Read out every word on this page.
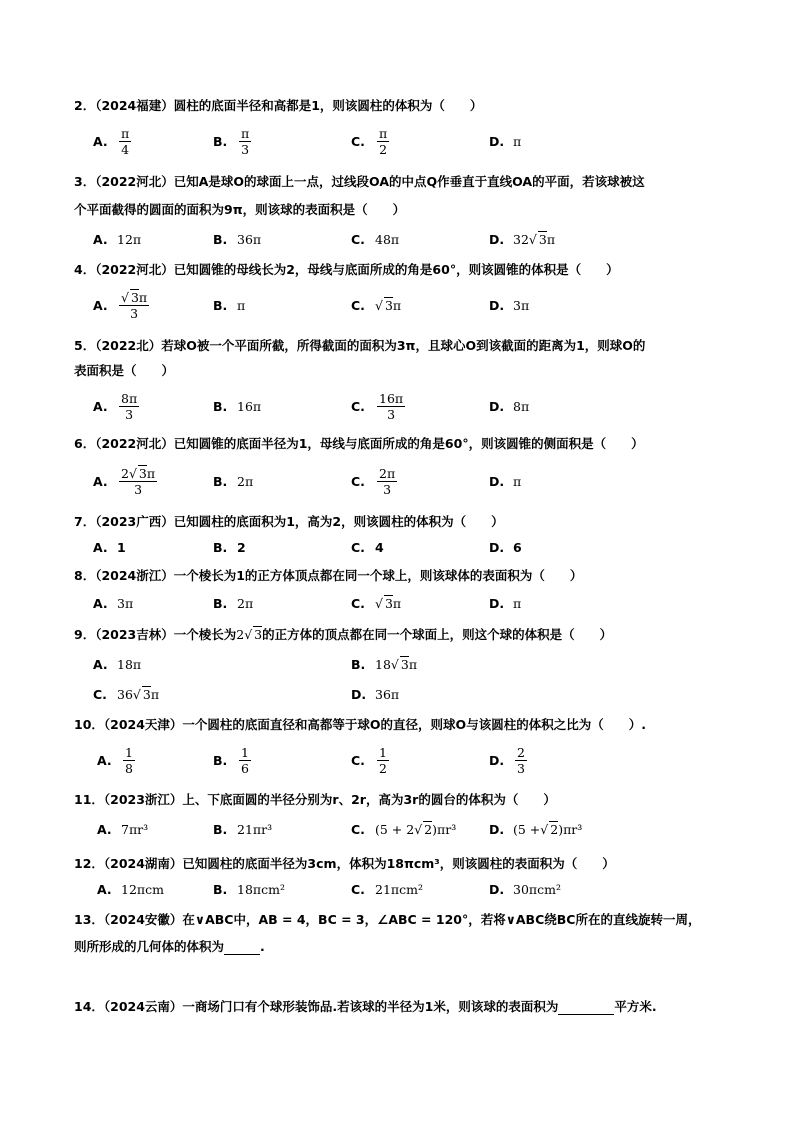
2．（2024福建）圆柱的底面半径和高都是1，则该圆柱的体积为（　　）
A. $\frac{\pi}{4}$	B. $\frac{\pi}{3}$	C. $\frac{\pi}{2}$	D. π
3．（2022河北）已知A是球O的球面上一点，过线段OA的中点Q作垂直于直线OA的平面，若该球被这
个平面截得的圆面的面积为9π，则该球的表面积是（　　）
A. 12π	B. 36π	C. 48π	D. 32 √ 3 π
4．（2022河北）已知圆锥的母线长为2，母线与底面所成的角是60°，则该圆锥的体积是（　　）
A. $\frac{√ 3\pi}{3}$	B. π	C. √ 3 π	D. 3π
5．（2022北）若球O被一个平面所截，所得截面的面积为3π，且球心O到该截面的距离为1，则球O的
表面积是（　　）
A. $\frac{8\pi}{3}$	B. 16π	C. $\frac{16\pi}{3}$	D. 8π
6．（2022河北）已知圆锥的底面半径为1，母线与底面所成的角是60°，则该圆锥的侧面积是（　　）
A. $\frac{2√ 3\pi}{3}$	B. 2π	C. $\frac{2\pi}{3}$	D. π
7．（2023广西）已知圆柱的底面积为1，高为2，则该圆柱的体积为（　　）
A. 1	B. 2	C. 4	D. 6
8．（2024浙江）一个棱长为1的正方体顶点都在同一个球上，则该球体的表面积为（　　）
A. 3π	B. 2π	C. √ 3 π	D. π
9．（2023吉林）一个棱长为2√ 3的正方体的顶点都在同一个球面上，则这个球的体积是（　　）
A. 18π	B. 18 √ 3 π
C. 36 √ 3 π	D. 36π
10．（2024天津）一个圆柱的底面直径和高都等于球O的直径，则球O与该圆柱的体积之比为（　　）.
A. $\frac{1}{8}$	B. $\frac{1}{6}$	C. $\frac{1}{2}$	D. $\frac{2}{3}$
11．（2023浙江）上、下底面圆的半径分别为r、2r，高为3r的圆台的体积为（　　）
A. 7πr³	B. 21πr³	C. (5 + 2 √ 2 )πr³	D. (5 + √ 2 )πr³
12．（2024湖南）已知圆柱的底面半径为3cm，体积为18πcm³，则该圆柱的表面积为（　　）
A. 12πcm	B. 18πcm²	C. 21πcm²	D. 30πcm²
13．（2024安徽）在∨ABC中，AB = 4，BC = 3，∠ABC = 120°，若将∨ABC绕BC所在的直线旋转一周，
则所形成的几何体的体积为	.
14．（2024云南）一商场门口有个球形装饰品.若该球的半径为1米，则该球的表面积为	平方米.
